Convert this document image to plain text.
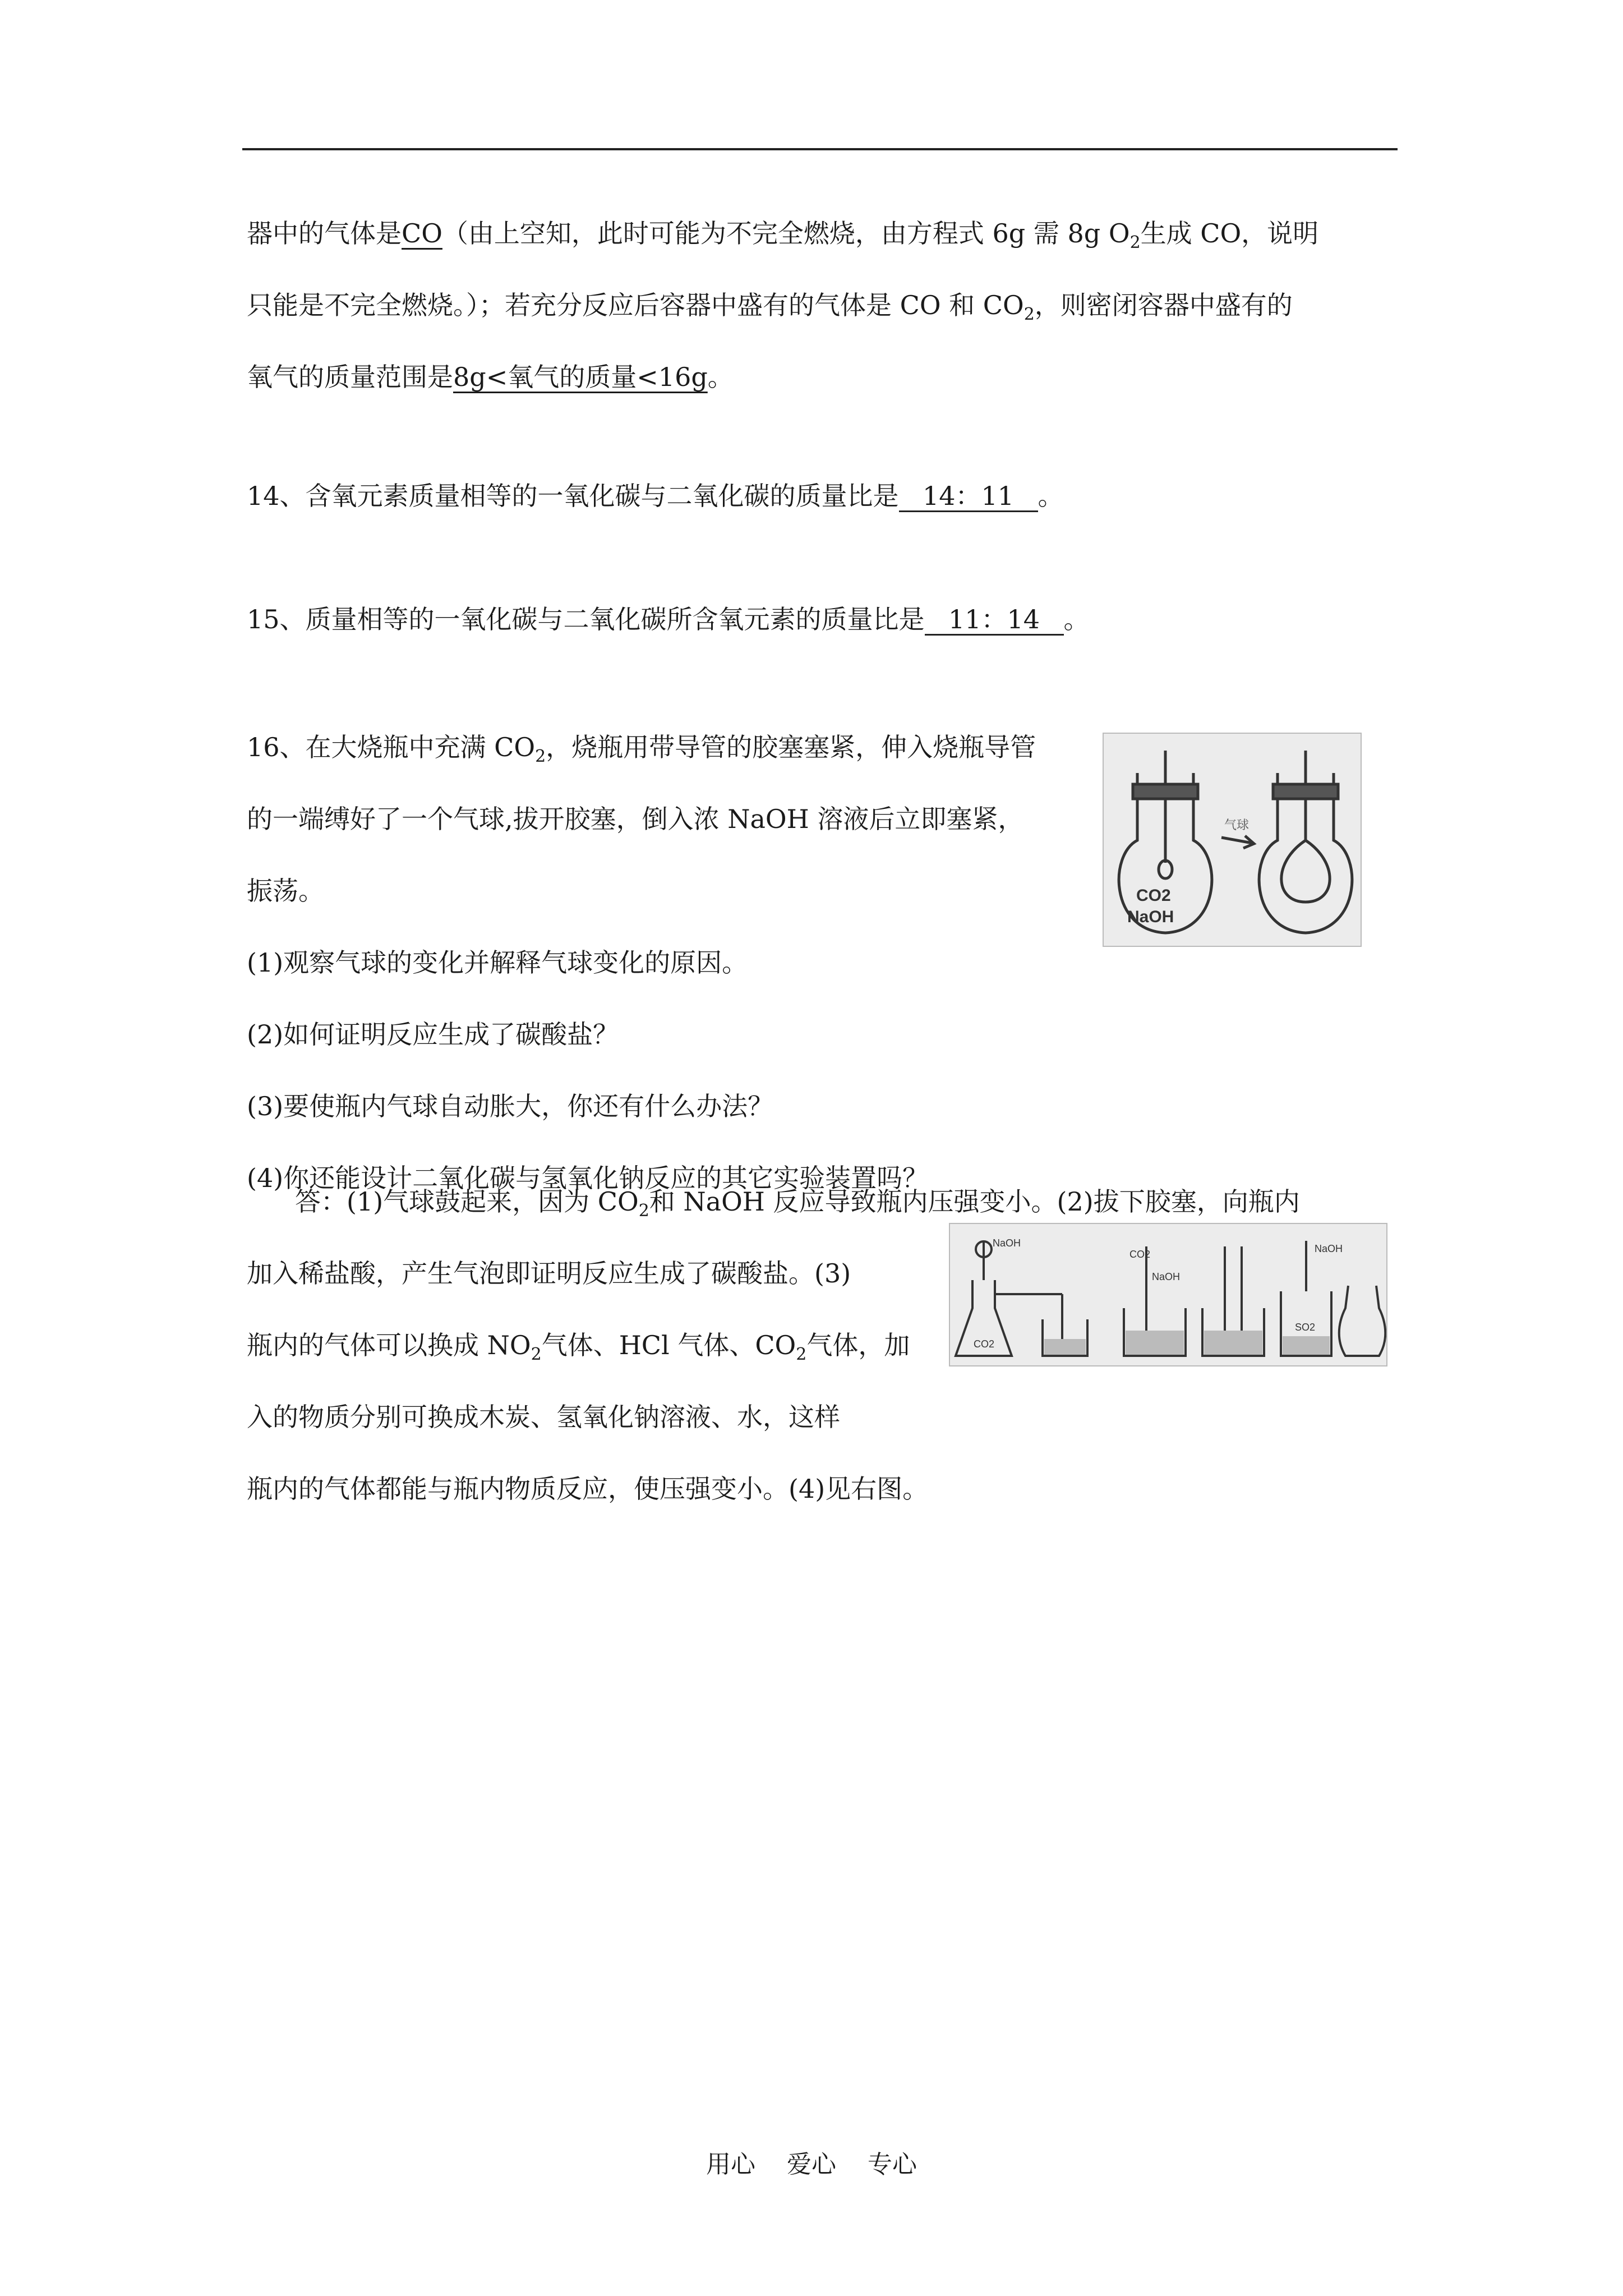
器中的气体是CO（由上空知，此时可能为不完全燃烧，由方程式 6g 需 8g $O_2$生成 CO，说明
只能是不完全燃烧。）；若充分反应后容器中盛有的气体是 CO 和 $CO_2$，则密闭容器中盛有的
氧气的质量范围是8g<氧气的质量<16g。
14、含氧元素质量相等的一氧化碳与二氧化碳的质量比是 14：11 。
15、质量相等的一氧化碳与二氧化碳所含氧元素的质量比是 11：14 。
16、在大烧瓶中充满 $CO_2$，烧瓶用带导管的胶塞塞紧，伸入烧瓶导管
的一端缚好了一个气球,拔开胶塞，倒入浓 NaOH 溶液后立即塞紧，
振荡。
(1)观察气球的变化并解释气球变化的原因。
(2)如何证明反应生成了碳酸盐？
(3)要使瓶内气球自动胀大，你还有什么办法？
(4)你还能设计二氧化碳与氢氧化钠反应的其它实验装置吗？
CO2
NaOH
气球
答：(1)气球鼓起来，因为 $CO_2$和 NaOH 反应导致瓶内压强变小。(2)拔下胶塞，向瓶内
加入稀盐酸，产生气泡即证明反应生成了碳酸盐。(3)
瓶内的气体可以换成 $NO_2$气体、HCl 气体、$CO_2$气体，加
入的物质分别可换成木炭、氢氧化钠溶液、水，这样
瓶内的气体都能与瓶内物质反应，使压强变小。(4)见右图。
NaOH
CO2
CO2
NaOH
NaOH
SO2
用心 爱心 专心
